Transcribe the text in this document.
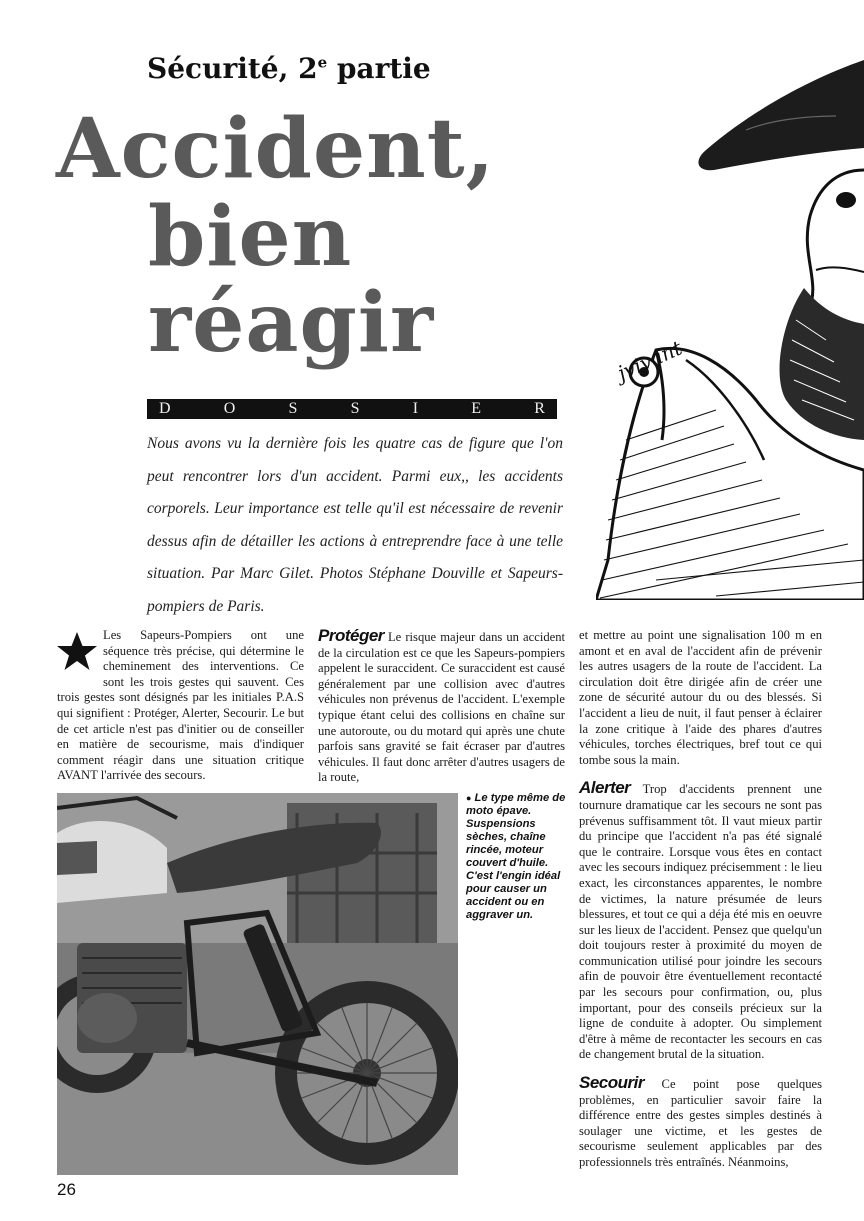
Sécurité, 2e partie
Accident,
bien
réagir	jvivant
D	O	S	S	I	E	R
Nous avons vu la dernière fois les quatre cas de figure que l'on peut rencontrer lors d'un accident. Parmi eux,, les accidents corporels. Leur importance est telle qu'il est nécessaire de revenir dessus afin de détailler les actions à entreprendre face à une telle situation. Par Marc Gilet. Photos Stéphane Douville et Sapeurs-pompiers de Paris.
Les Sapeurs-Pompiers ont une séquence très précise, qui détermine le cheminement des interventions. Ce sont les trois gestes qui sauvent. Ces trois gestes sont désignés par les initiales P.A.S qui signifient : Protéger, Alerter, Secourir. Le but de cet article n'est pas d'initier ou de conseiller en matière de secourisme, mais d'indiquer comment réagir dans une situation critique AVANT l'arrivée des secours.
Protéger Le risque majeur dans un accident de la circulation est ce que les Sapeurs-pompiers appelent le suraccident. Ce suraccident est causé généralement par une collision avec d'autres véhicules non prévenus de l'accident. L'exemple typique étant celui des collisions en chaîne sur une autoroute, ou du motard qui après une chute parfois sans gravité se fait écraser par d'autres véhicules. Il faut donc arrêter d'autres usagers de la route,
● Le type même de moto épave. Suspensions sèches, chaîne rincée, moteur couvert d'huile. C'est l'engin idéal pour causer un accident ou en aggraver un.
et mettre au point une signalisation 100 m en amont et en aval de l'accident afin de prévenir les autres usagers de la route de l'accident. La circulation doit être dirigée afin de créer une zone de sécurité autour du ou des blessés. Si l'accident a lieu de nuit, il faut penser à éclairer la zone critique à l'aide des phares d'autres véhicules, torches électriques, bref tout ce qui tombe sous la main.
Alerter Trop d'accidents prennent une tournure dramatique car les secours ne sont pas prévenus suffisamment tôt. Il vaut mieux partir du principe que l'accident n'a pas été signalé que le contraire. Lorsque vous êtes en contact avec les secours indiquez précisemment : le lieu exact, les circonstances apparentes, le nombre de victimes, la nature présumée de leurs blessures, et tout ce qui a déja été mis en oeuvre sur les lieux de l'accident. Pensez que quelqu'un doit toujours rester à proximité du moyen de communication utilisé pour joindre les secours afin de pouvoir être éventuellement recontacté par les secours pour confirmation, ou, plus important, pour des conseils précieux sur la ligne de conduite à adopter. Ou simplement d'être à même de recontacter les secours en cas de changement brutal de la situation.
Secourir Ce point pose quelques problèmes, en particulier savoir faire la différence entre des gestes simples destinés à soulager une victime, et les gestes de secourisme seulement applicables par des professionnels très entraînés. Néanmoins,
26
